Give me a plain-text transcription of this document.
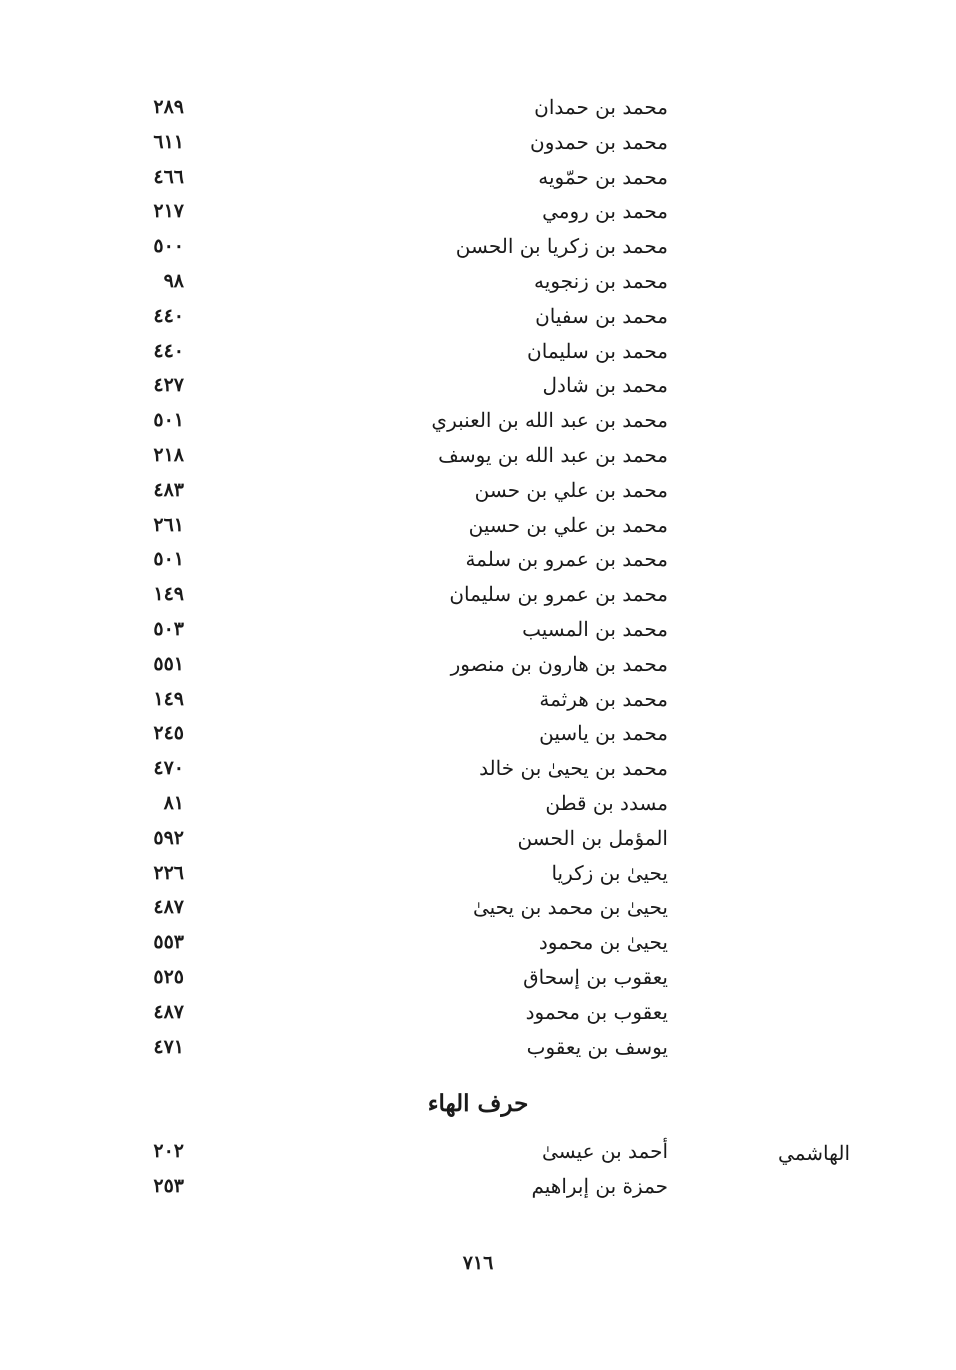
محمد بن حمدان
٢٨٩
محمد بن حمدون
٦١١
محمد بن حمّويه
٤٦٦
محمد بن رومي
٢١٧
محمد بن زكريا بن الحسن
٥٠٠
محمد بن زنجويه
٩٨
محمد بن سفيان
٤٤٠
محمد بن سليمان
٤٤٠
محمد بن شادل
٤٢٧
محمد بن عبد الله بن العنبري
٥٠١
محمد بن عبد الله بن يوسف
٢١٨
محمد بن علي بن حسن
٤٨٣
محمد بن علي بن حسين
٢٦١
محمد بن عمرو بن سلمة
٥٠١
محمد بن عمرو بن سليمان
١٤٩
محمد بن المسيب
٥٠٣
محمد بن هارون بن منصور
٥٥١
محمد بن هرثمة
١٤٩
محمد بن ياسين
٢٤٥
محمد بن يحيىٰ بن خالد
٤٧٠
مسدد بن قطن
٨١
المؤمل بن الحسن
٥٩٢
يحيىٰ بن زكريا
٢٢٦
يحيىٰ بن محمد بن يحيىٰ
٤٨٧
يحيىٰ بن محمود
٥٥٣
يعقوب بن إسحاق
٥٢٥
يعقوب بن محمود
٤٨٧
يوسف بن يعقوب
٤٧١
حرف الهاء
الهاشمي
أحمد بن عيسىٰ
٢٠٢
حمزة بن إبراهيم
٢٥٣
٧١٦
